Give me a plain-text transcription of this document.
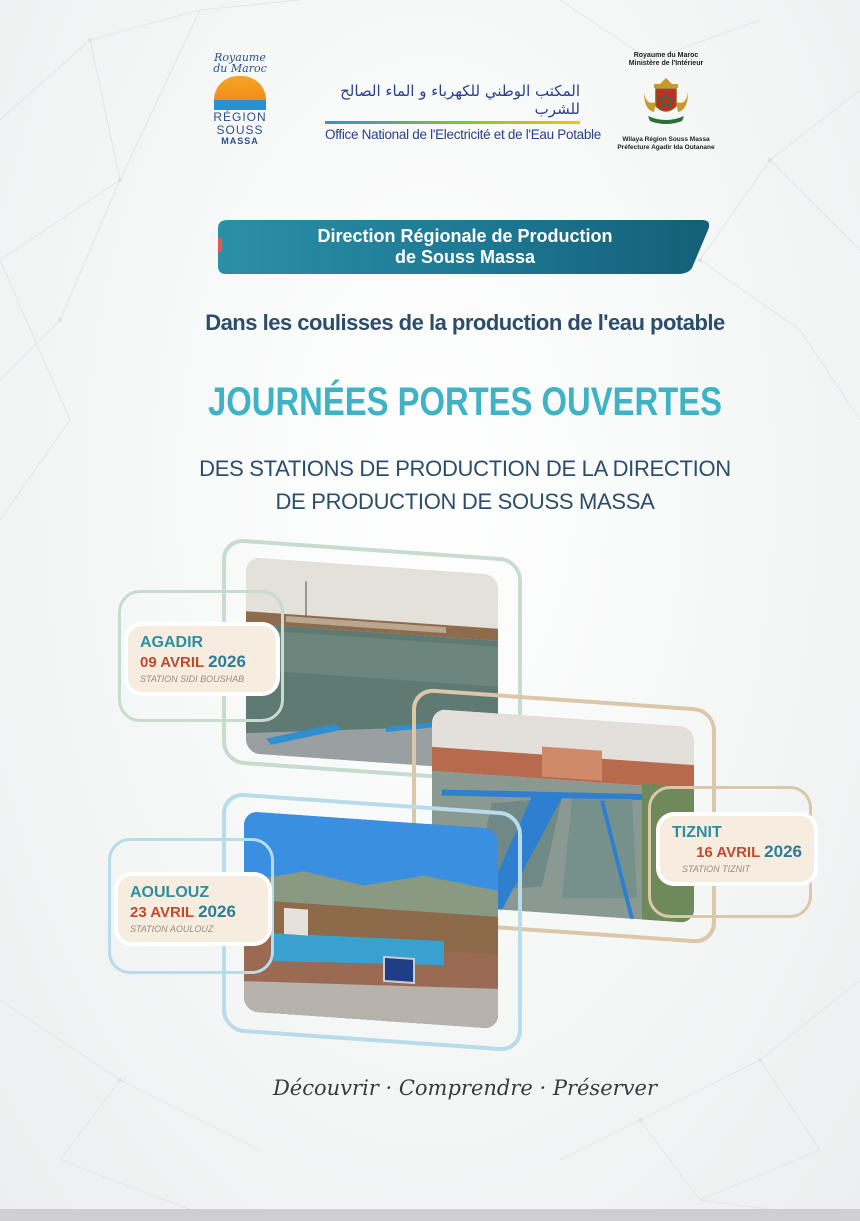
Royaume
du Maroc
RÉGION
SOUSS
MASSA
المكتب الوطني للكهرباء و الماء الصالح للشرب
Office National de l'Electricité et de l'Eau Potable
Royaume du Maroc
Ministère de l'Intérieur
Wilaya Région Souss Massa
Préfecture Agadir Ida Outanane
Direction Régionale de Production
de Souss Massa
Dans les coulisses de la production de l'eau potable
JOURNÉES PORTES OUVERTES
DES STATIONS DE PRODUCTION DE LA DIRECTION
DE PRODUCTION DE SOUSS MASSA
AGADIR
09 AVRIL 2026
STATION SIDI BOUSHAB
TIZNIT
16 AVRIL 2026
STATION TIZNIT
AOULOUZ
23 AVRIL 2026
STATION AOULOUZ
Découvrir · Comprendre · Préserver
